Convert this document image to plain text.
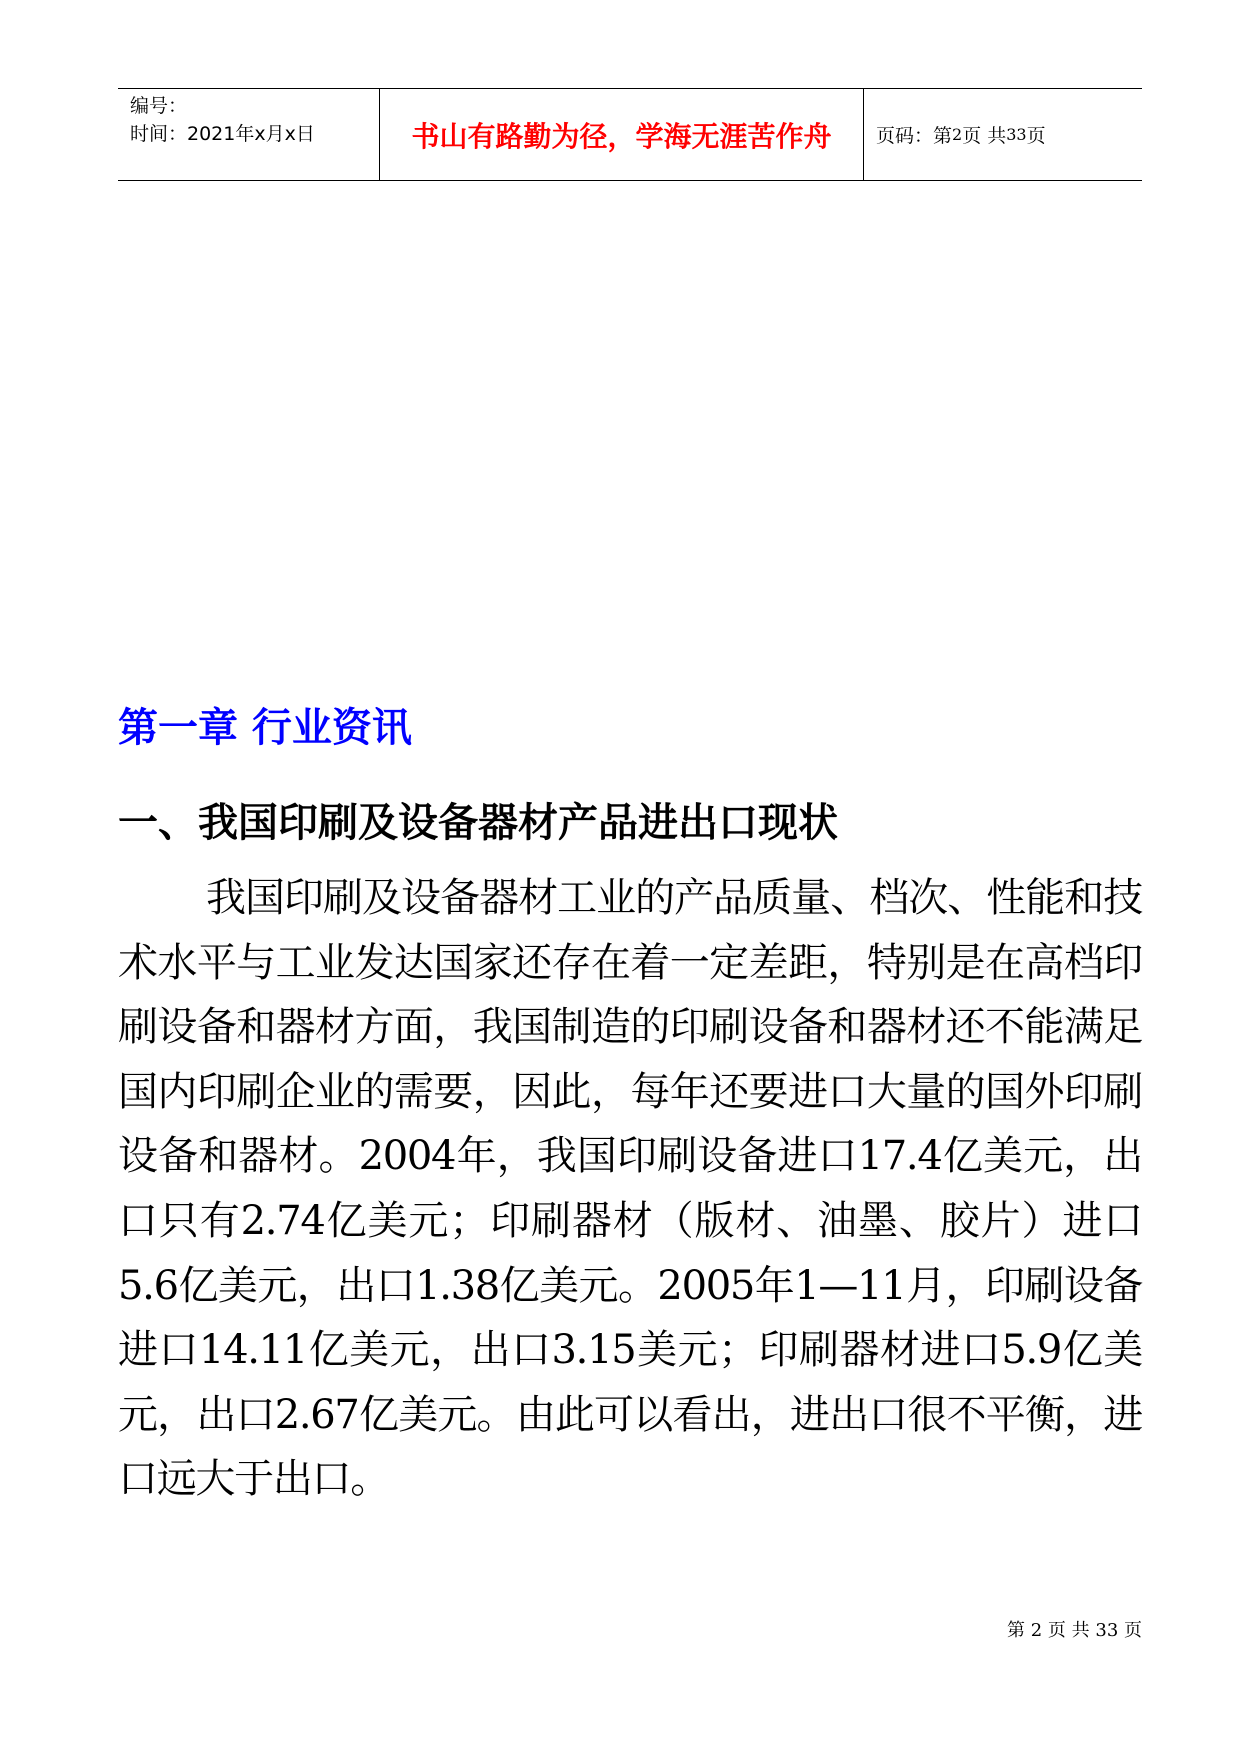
编号：
时间：2021年x月x日	书山有路勤为径，学海无涯苦作舟	页码：第 2 页 共 33 页
第一章 行业资讯
一、我国印刷及设备器材产品进出口现状

我国印刷及设备器材工业的产品质量、档次、性能和技术水平与工业发达国家还存在着一定差距，特别是在高档印刷设备和器材方面，我国制造的印刷设备和器材还不能满足国内印刷企业的需要，因此，每年还要进口大量的国外印刷设备和器材。2004年，我国印刷设备进口17.4亿美元，出口只有2.74亿美元；印刷器材（版材、油墨、胶片）进口5.6亿美元，出口1.38亿美元。2005年1—11月，印刷设备进口14.11亿美元，出口3.15美元；印刷器材进口5.9亿美元，出口2.67亿美元。由此可以看出，进出口很不平衡，进口远大于出口。

第 2 页 共 33 页
